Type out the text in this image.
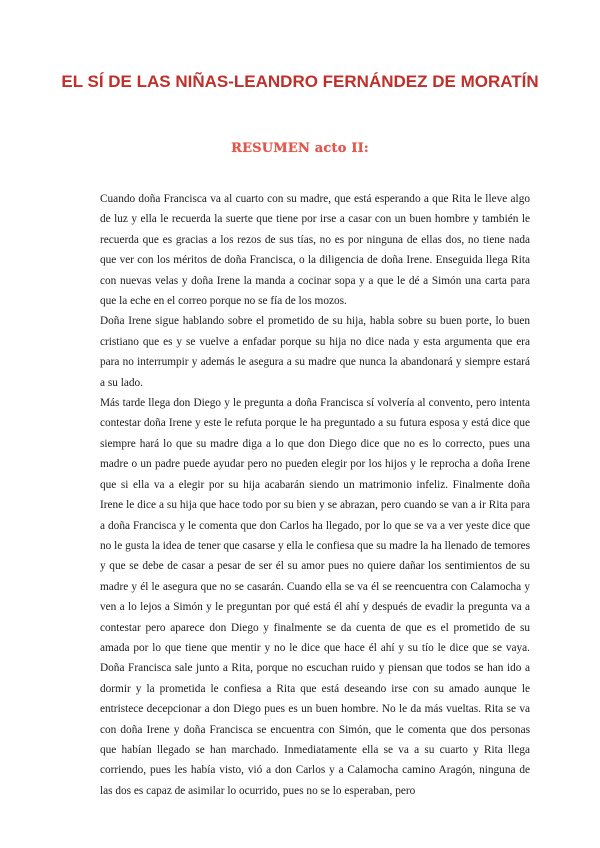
EL SÍ DE LAS NIÑAS-LEANDRO FERNÁNDEZ DE MORATÍN
RESUMEN acto II:

Cuando doña Francisca va al cuarto con su madre, que está esperando a que Rita le lleve algo de luz y ella le recuerda la suerte que tiene por irse a casar con un buen hombre y también le recuerda que es gracias a los rezos de sus tías, no es por ninguna de ellas dos, no tiene nada que ver con los méritos de doña Francisca, o la diligencia de doña Irene. Enseguida llega Rita con nuevas velas y doña Irene la manda a cocinar sopa y a que le dé a Simón una carta para que la eche en el correo porque no se fía de los mozos.

Doña Irene sigue hablando sobre el prometido de su hija, habla sobre su buen porte, lo buen cristiano que es y se vuelve a enfadar porque su hija no dice nada y esta argumenta que era para no interrumpir y además le asegura a su madre que nunca la abandonará y siempre estará a su lado.

Más tarde llega don Diego y le pregunta a doña Francisca sí volvería al convento, pero intenta contestar doña Irene y este le refuta porque le ha preguntado a su futura esposa y está dice que siempre hará lo que su madre diga a lo que don Diego dice que no es lo correcto, pues una madre o un padre puede ayudar pero no pueden elegir por los hijos y le reprocha a doña Irene que si ella va a elegir por su hija acabarán siendo un matrimonio infeliz. Finalmente doña Irene le dice a su hija que hace todo por su bien y se abrazan, pero cuando se van a ir Rita para a doña Francisca y le comenta que don Carlos ha llegado, por lo que se va a ver yeste dice que no le gusta la idea de tener que casarse y ella le confiesa que su madre la ha llenado de temores y que se debe de casar a pesar de ser él su amor pues no quiere dañar los sentimientos de su madre y él le asegura que no se casarán. Cuando ella se va él se reencuentra con Calamocha y ven a lo lejos a Simón y le preguntan por qué está él ahí y después de evadir la pregunta va a contestar pero aparece don Diego y finalmente se da cuenta de que es el prometido de su amada por lo que tiene que mentir y no le dice que hace él ahí y su tío le dice que se vaya. Doña Francisca sale junto a Rita, porque no escuchan ruido y piensan que todos se han ido a dormir y la prometida le confiesa a Rita que está deseando irse con su amado aunque le entristece decepcionar a don Diego pues es un buen hombre. No le da más vueltas. Rita se va con doña Irene y doña Francisca se encuentra con Simón, que le comenta que dos personas que habían llegado se han marchado. Inmediatamente ella se va a su cuarto y Rita llega corriendo, pues les había visto, vió a don Carlos y a Calamocha camino Aragón, ninguna de las dos es capaz de asimilar lo ocurrido, pues no se lo esperaban, pero
